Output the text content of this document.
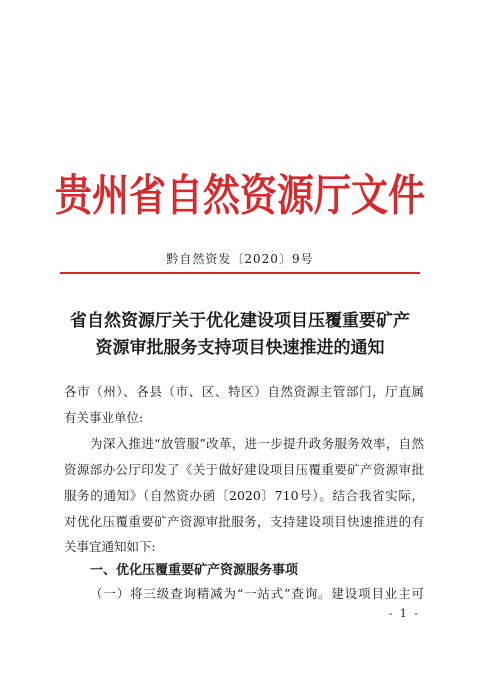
贵州省自然资源厅文件
黔自然资发〔2020〕9号
省自然资源厅关于优化建设项目压覆重要矿产
资源审批服务支持项目快速推进的通知
各市（州）、各县（市、区、特区）自然资源主管部门，厅直属
有关事业单位:
为深入推进“放管服”改革，进一步提升政务服务效率，自然
资源部办公厅印发了《关于做好建设项目压覆重要矿产资源审批
服务的通知》（自然资办函〔2020〕710号）。结合我省实际，
对优化压覆重要矿产资源审批服务，支持建设项目快速推进的有
关事宜通知如下:
一、优化压覆重要矿产资源服务事项
（一）将三级查询精减为“一站式”查询。建设项目业主可
- 1 -
